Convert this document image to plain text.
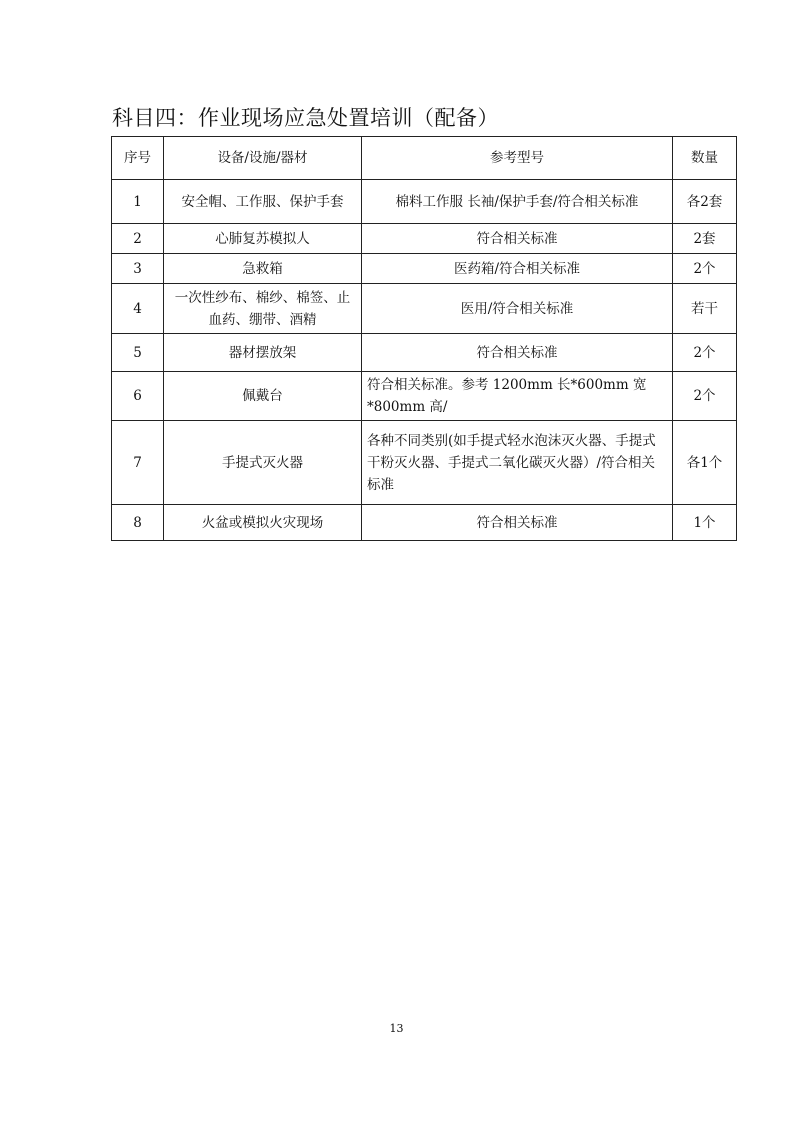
科目四：作业现场应急处置培训（配备）
序号	设备/设施/器材	参考型号	数量
1	安全帽、工作服、保护手套	棉料工作服 长袖/保护手套/符合相关标准	各2套
2	心肺复苏模拟人	符合相关标准	2套
3	急救箱	医药箱/符合相关标准	2个
4	一次性纱布、棉纱、棉签、止血药、绷带、酒精	医用/符合相关标准	若干
5	器材摆放架	符合相关标准	2个
6	佩戴台	符合相关标准。参考 1200mm 长*600mm 宽*800mm 高/	2个
7	手提式灭火器	各种不同类别(如手提式轻水泡沫灭火器、手提式干粉灭火器、手提式二氧化碳灭火器）/符合相关标准	各1个
8	火盆或模拟火灾现场	符合相关标准	1个
13
